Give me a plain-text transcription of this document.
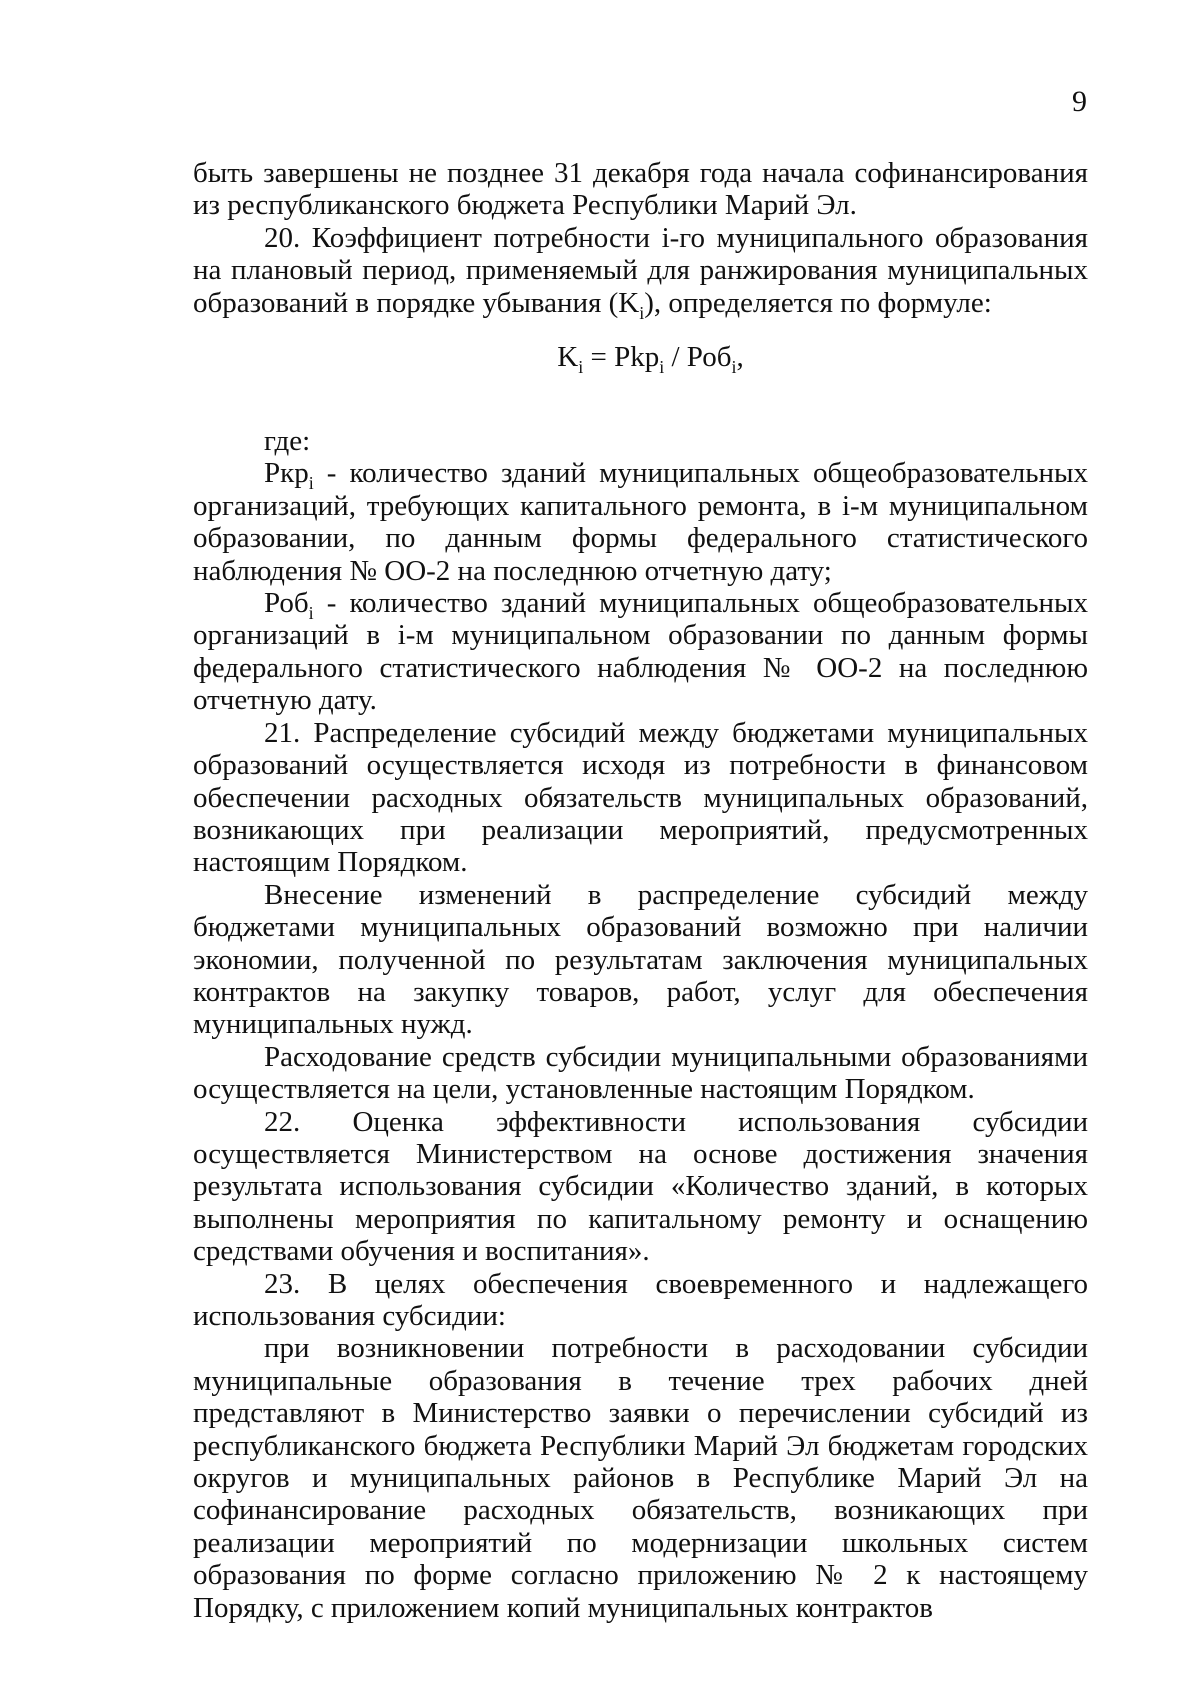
9

быть завершены не позднее 31 декабря года начала софинансирования из республиканского бюджета Республики Марий Эл.

20. Коэффициент потребности i-го муниципального образования на плановый период, применяемый для ранжирования муниципальных образований в порядке убывания $(K_i)$, определяется по формуле:

$K_i = Pkp_i / Роб_i$,

где:

Ркр$_i$ - количество зданий муниципальных общеобразовательных организаций, требующих капитального ремонта, в i-м муниципальном образовании, по данным формы федерального статистического наблюдения № ОО-2 на последнюю отчетную дату;

Роб$_i$ - количество зданий муниципальных общеобразовательных организаций в i-м муниципальном образовании по данным формы федерального статистического наблюдения № ОО-2 на последнюю отчетную дату.

21. Распределение субсидий между бюджетами муниципальных образований осуществляется исходя из потребности в финансовом обеспечении расходных обязательств муниципальных образований, возникающих при реализации мероприятий, предусмотренных настоящим Порядком.

Внесение изменений в распределение субсидий между бюджетами муниципальных образований возможно при наличии экономии, полученной по результатам заключения муниципальных контрактов на закупку товаров, работ, услуг для обеспечения муниципальных нужд.

Расходование средств субсидии муниципальными образованиями осуществляется на цели, установленные настоящим Порядком.

22. Оценка эффективности использования субсидии осуществляется Министерством на основе достижения значения результата использования субсидии «Количество зданий, в которых выполнены мероприятия по капитальному ремонту и оснащению средствами обучения и воспитания».

23. В целях обеспечения своевременного и надлежащего использования субсидии:

при возникновении потребности в расходовании субсидии муниципальные образования в течение трех рабочих дней представляют в Министерство заявки о перечислении субсидий из республиканского бюджета Республики Марий Эл бюджетам городских округов и муниципальных районов в Республике Марий Эл на софинансирование расходных обязательств, возникающих при реализации мероприятий по модернизации школьных систем образования по форме согласно приложению № 2 к настоящему Порядку, с приложением копий муниципальных контрактов
